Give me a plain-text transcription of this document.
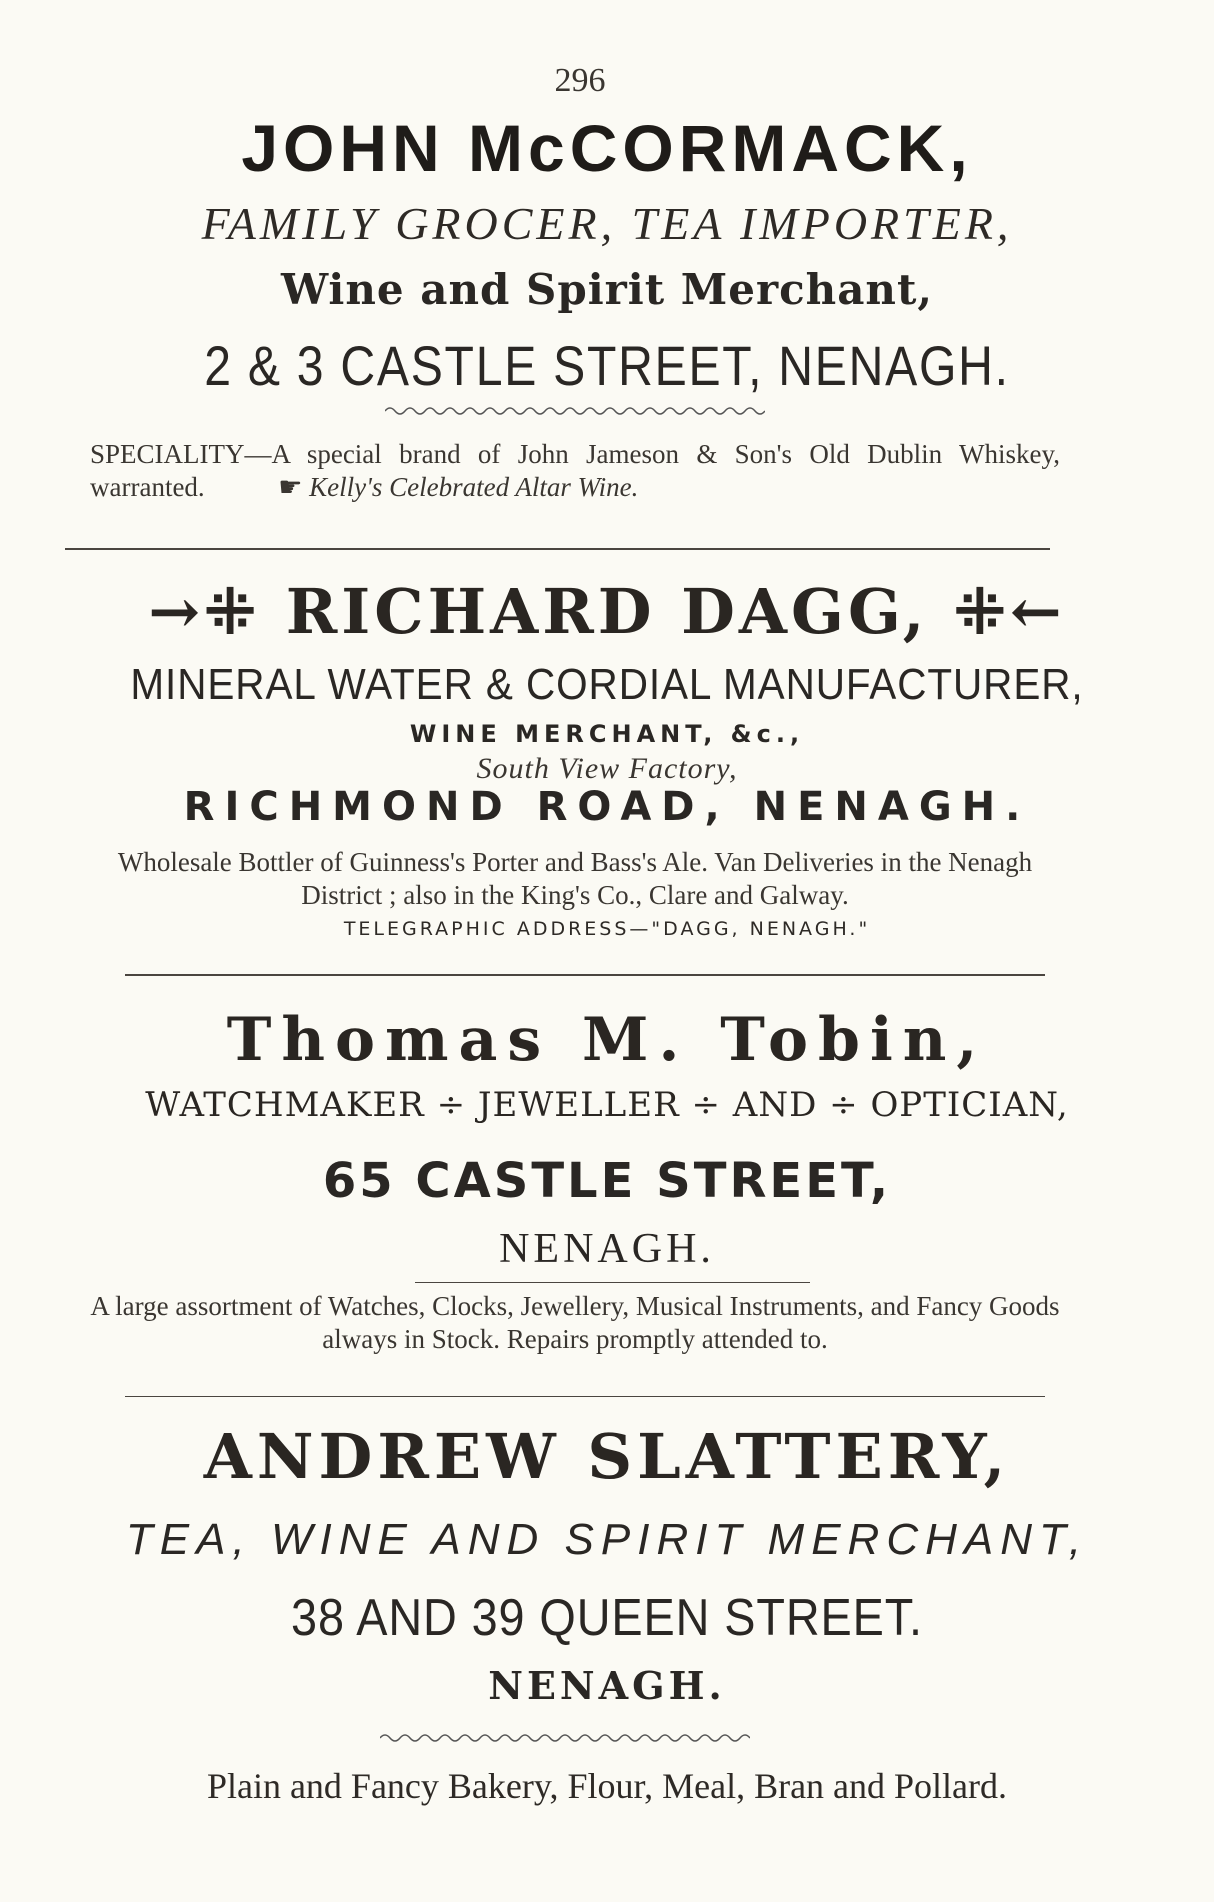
296
JOHN McCORMACK,
FAMILY GROCER, TEA IMPORTER,
Wine and Spirit Merchant,
2 & 3 CASTLE STREET, NENAGH.
SPECIALITY—A special brand of John Jameson & Son's Old Dublin Whiskey, warranted.	☛ Kelly's Celebrated Altar Wine.
→⁜ RICHARD DAGG, ⁜←
MINERAL WATER & CORDIAL MANUFACTURER,
WINE MERCHANT, &c.,
South View Factory,
RICHMOND ROAD, NENAGH.
Wholesale Bottler of Guinness's Porter and Bass's Ale. Van Deliveries in the Nenagh District ; also in the King's Co., Clare and Galway.
TELEGRAPHIC ADDRESS—"DAGG, NENAGH."
Thomas M. Tobin,
WATCHMAKER ÷ JEWELLER ÷ AND ÷ OPTICIAN,
65 CASTLE STREET,
NENAGH.
A large assortment of Watches, Clocks, Jewellery, Musical Instruments, and Fancy Goods always in Stock. Repairs promptly attended to.
ANDREW SLATTERY,
TEA, WINE AND SPIRIT MERCHANT,
38 AND 39 QUEEN STREET.
NENAGH.
Plain and Fancy Bakery, Flour, Meal, Bran and Pollard.
